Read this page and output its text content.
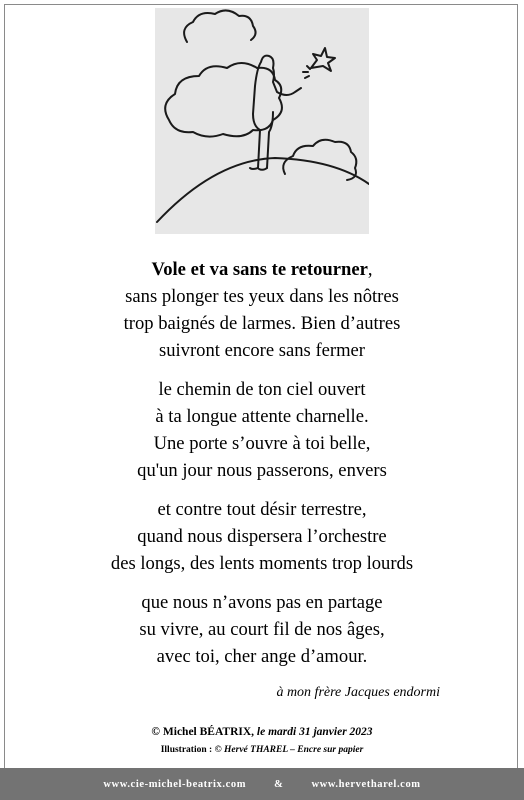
Vole et va sans te retourner,
sans plonger tes yeux dans les nôtres
trop baignés de larmes. Bien d’autres
suivront encore sans fermer
le chemin de ton ciel ouvert
à ta longue attente charnelle.
Une porte s’ouvre à toi belle,
qu'un jour nous passerons, envers
et contre tout désir terrestre,
quand nous dispersera l’orchestre
des longs, des lents moments trop lourds
que nous n’avons pas en partage
su vivre, au court fil de nos âges,
avec toi, cher ange d’amour.
à mon frère Jacques endormi
© Michel BÉATRIX, le mardi 31 janvier 2023
Illustration : © Hervé THAREL – Encre sur papier
www.cie-michel-beatrix.com	&	www.hervetharel.com
